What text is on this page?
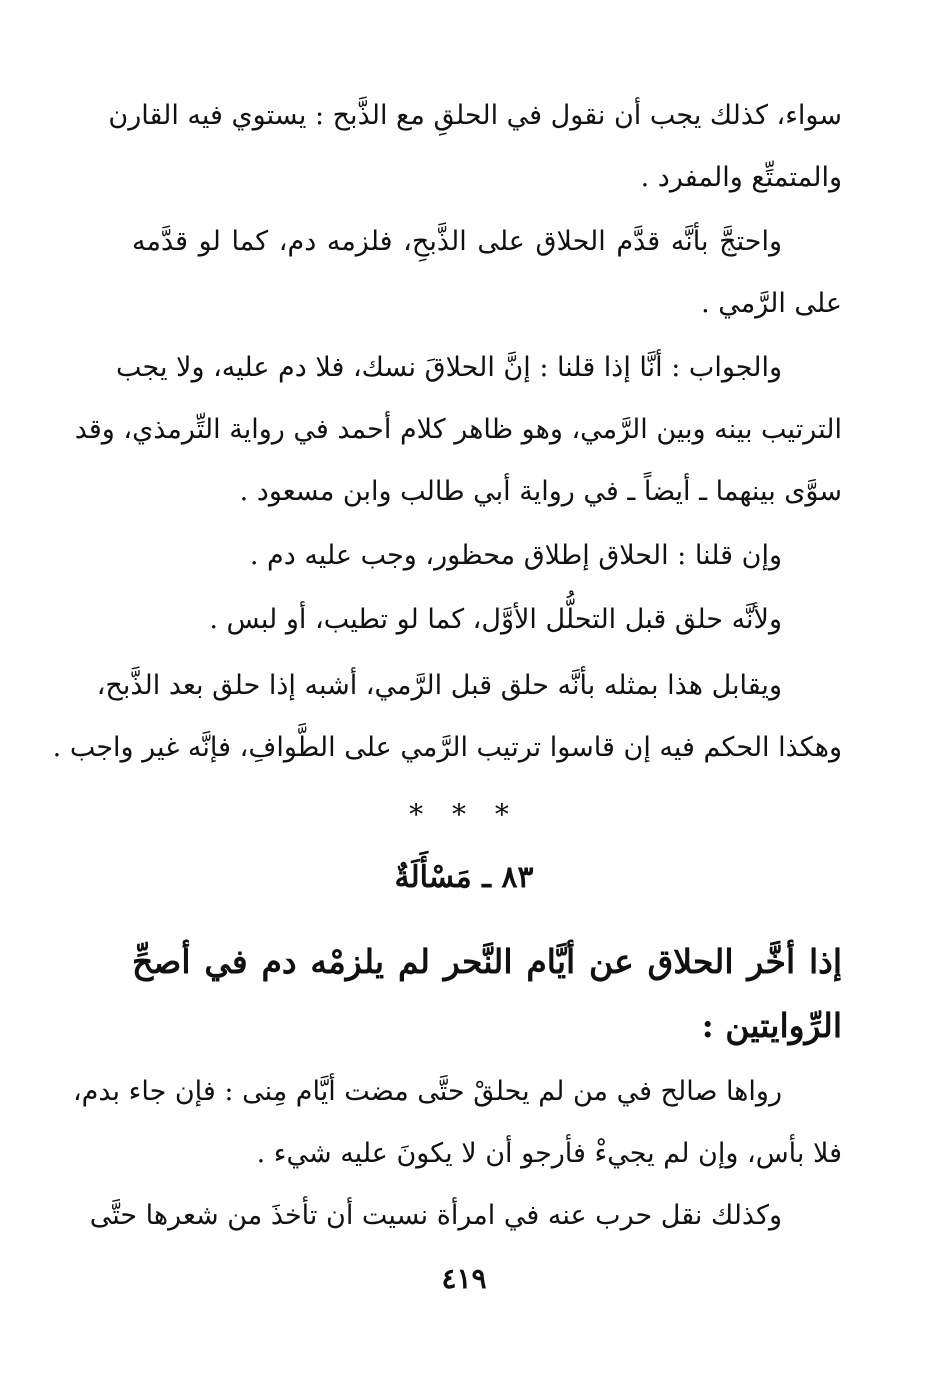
سواء، كذلك يجب أن نقول في الحلقِ مع الذَّبح : يستوي فيه القارن
والمتمتِّع والمفرد .
واحتجَّ بأنَّه قدَّم الحلاق على الذَّبحِ، فلزمه دم، كما لو قدَّمه
على الرَّمي .
والجواب : أنَّا إذا قلنا : إنَّ الحلاقَ نسك، فلا دم عليه، ولا يجب
الترتيب بينه وبين الرَّمي، وهو ظاهر كلام أحمد في رواية التِّرمذي، وقد
سوَّى بينهما ـ أيضاً ـ في رواية أبي طالب وابن مسعود .
وإن قلنا : الحلاق إطلاق محظور، وجب عليه دم .
ولأنَّه حلق قبل التحلُّل الأوَّل، كما لو تطيب، أو لبس .
ويقابل هذا بمثله بأنَّه حلق قبل الرَّمي، أشبه إذا حلق بعد الذَّبح،
وهكذا الحكم فيه إن قاسوا ترتيب الرَّمي على الطَّوافِ، فإنَّه غير واجب .
* * *
٨٣ ـ مَسْأَلَةٌ
إذا أخَّر الحلاق عن أيَّام النَّحر لم يلزمْه دم في أصحِّ
الرِّوايتين :
رواها صالح في من لم يحلقْ حتَّى مضت أيَّام مِنى : فإن جاء بدم،
فلا بأس، وإن لم يجيءْ فأرجو أن لا يكونَ عليه شيء .
وكذلك نقل حرب عنه في امرأة نسيت أن تأخذَ من شعرها حتَّى
٤١٩
